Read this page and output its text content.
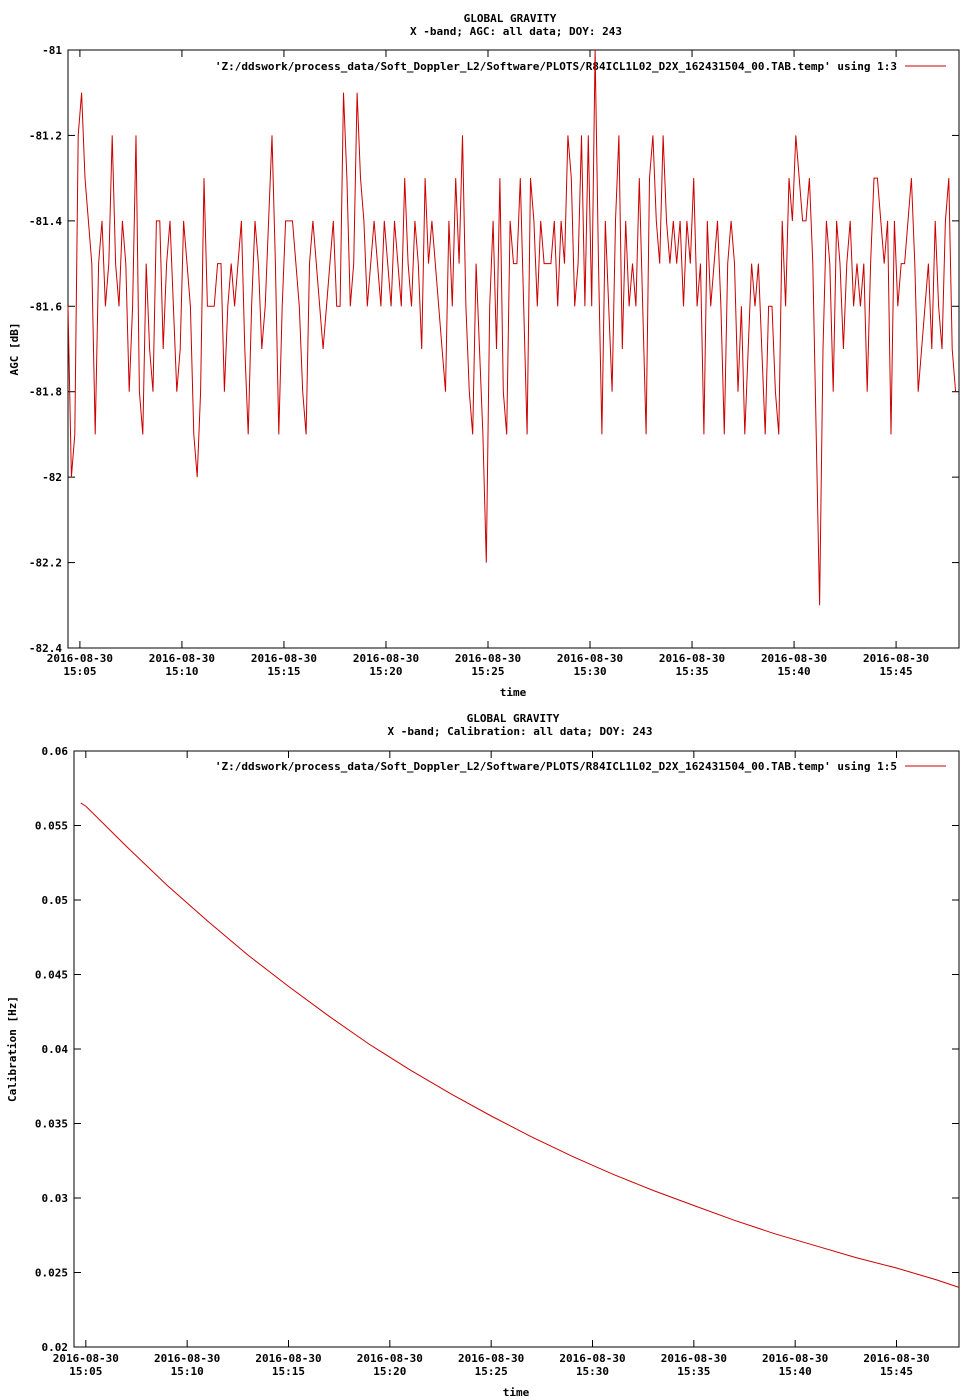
GLOBAL GRAVITY
X -band; AGC: all data; DOY: 243
AGC [dB]
time
-81
-81.2
-81.4
-81.6
-81.8
-82
-82.2
-82.4
2016-08-30
15:05
2016-08-30
15:10
2016-08-30
15:15
2016-08-30
15:20
2016-08-30
15:25
2016-08-30
15:30
2016-08-30
15:35
2016-08-30
15:40
2016-08-30
15:45
'Z:/ddswork/process_data/Soft_Doppler_L2/Software/PLOTS/R84ICL1L02_D2X_162431504_00.TAB.temp' using 1:3
GLOBAL GRAVITY
X -band; Calibration: all data; DOY: 243
Calibration [Hz]
time
0.06
0.055
0.05
0.045
0.04
0.035
0.03
0.025
0.02
2016-08-30
15:05
2016-08-30
15:10
2016-08-30
15:15
2016-08-30
15:20
2016-08-30
15:25
2016-08-30
15:30
2016-08-30
15:35
2016-08-30
15:40
2016-08-30
15:45
'Z:/ddswork/process_data/Soft_Doppler_L2/Software/PLOTS/R84ICL1L02_D2X_162431504_00.TAB.temp' using 1:5
